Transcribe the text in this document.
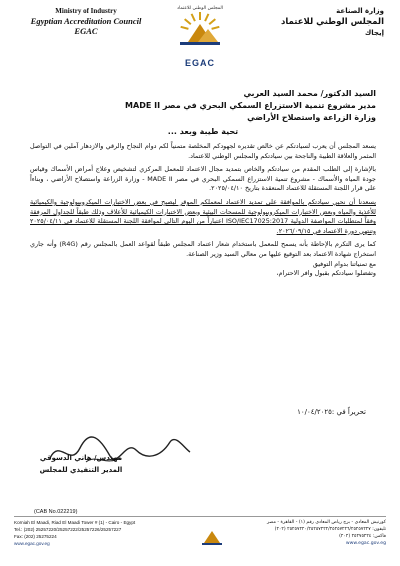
Ministry of Industry
Egyptian Accreditation Council
EGAC
المجلس الوطني للاعتماد
EGAC
وزارة الصناعة
المجلس الوطني للاعتماد
إيجاك

السيد الدكتور/ محمد السيد العربي

مدير مشروع تنمية الاستزراع السمكي البحري في مصر MADE II

وزارة الزراعة واستصلاح الأراضي

تحية طيبة وبعد ...

يسعد المجلس أن يعرب لسيادتكم عن خالص تقديره لجهودكم المخلصة متمنياً لكم دوام النجاح والرقي والازدهار آملين في التواصل المثمر والعلاقة الطيبة والناجحة بين سيادتكم والمجلس الوطني للاعتماد.

بالإشارة إلى الطلب المقدم من سيادتكم والخاص بتمديد مجال الاعتماد للمعمل المركزي لتشخيص وعلاج أمراض الأسماك وقياس جودة المياه والأسماك - مشروع تنمية الاستزراع السمكي البحري في مصر MADE II - وزارة الزراعة واستصلاح الأراضي ، وبناءاً على قرار اللجنة المستقلة للاعتماد المنعقدة بتاريخ ٢٠٢٥/٠٤/١٠.

يسعدنا أن نحيي سيادتكم بالموافقة على تمديد الاعتماد لمعملكم الموقر ليصبح في بعض الاختبارات الميكروبيولوجية والكيميائية للأغذية والمياه وبعض الاختبارات الميكروبيولوجية للمسحات البيئية وبعض الاختبارات الكيميائية للأعلاف وذلك طبقاً للجداول المرفقة وفقاً لمتطلبات المواصفة الدولية ISO/IEC17025:2017 اعتباراً من اليوم التالي لموافقة اللجنة المستقلة للاعتماد في ٢٠٢٥/٠٤/١١ وتنتهي دورة الاعتماد في ٢٠٢٦/٠٩/١٥.

كما يرى التكرم بالإحاطة بأنه يسمح للمعمل باستخدام شعار اعتماد المجلس طبقاً لقواعد العمل بالمجلس رقم (R4G) وأنه جاري استخراج شهادة الاعتماد بعد التوقيع عليها من معالي السيد وزير الصناعة.

مع تمنياتنا بدوام التوفيق

وتفضلوا سيادتكم بقبول وافر الاحترام،

تحريراً في :١٠/٠٤/٢٠٢٥
مهندس/ هاني الدسوقي
المدير التنفيذي للمجلس
(CAB No.022219)
Korniah El Maadi, Riad El Maadi Tower # (1) - Cairo - Egypt
Tel.: (202) 25257220/25257222/25257226/25257227
Fax: (202) 25275224
www.egac.gov.eg
كورنيش المعادي - برج رياض المعادي رقم (١) - القاهرة - مصر
تليفون: ٢٥٢٥٧٢٢٠/٢٥٢٥٧٢٢٢/٢٥٢٥٧٢٢٦/٢٥٢٥٧٢٢٧ (٢٠٢)
فاكس: ٢٥٢٧٥٢٢٤ (٢٠٢)
www.egac.gov.eg
